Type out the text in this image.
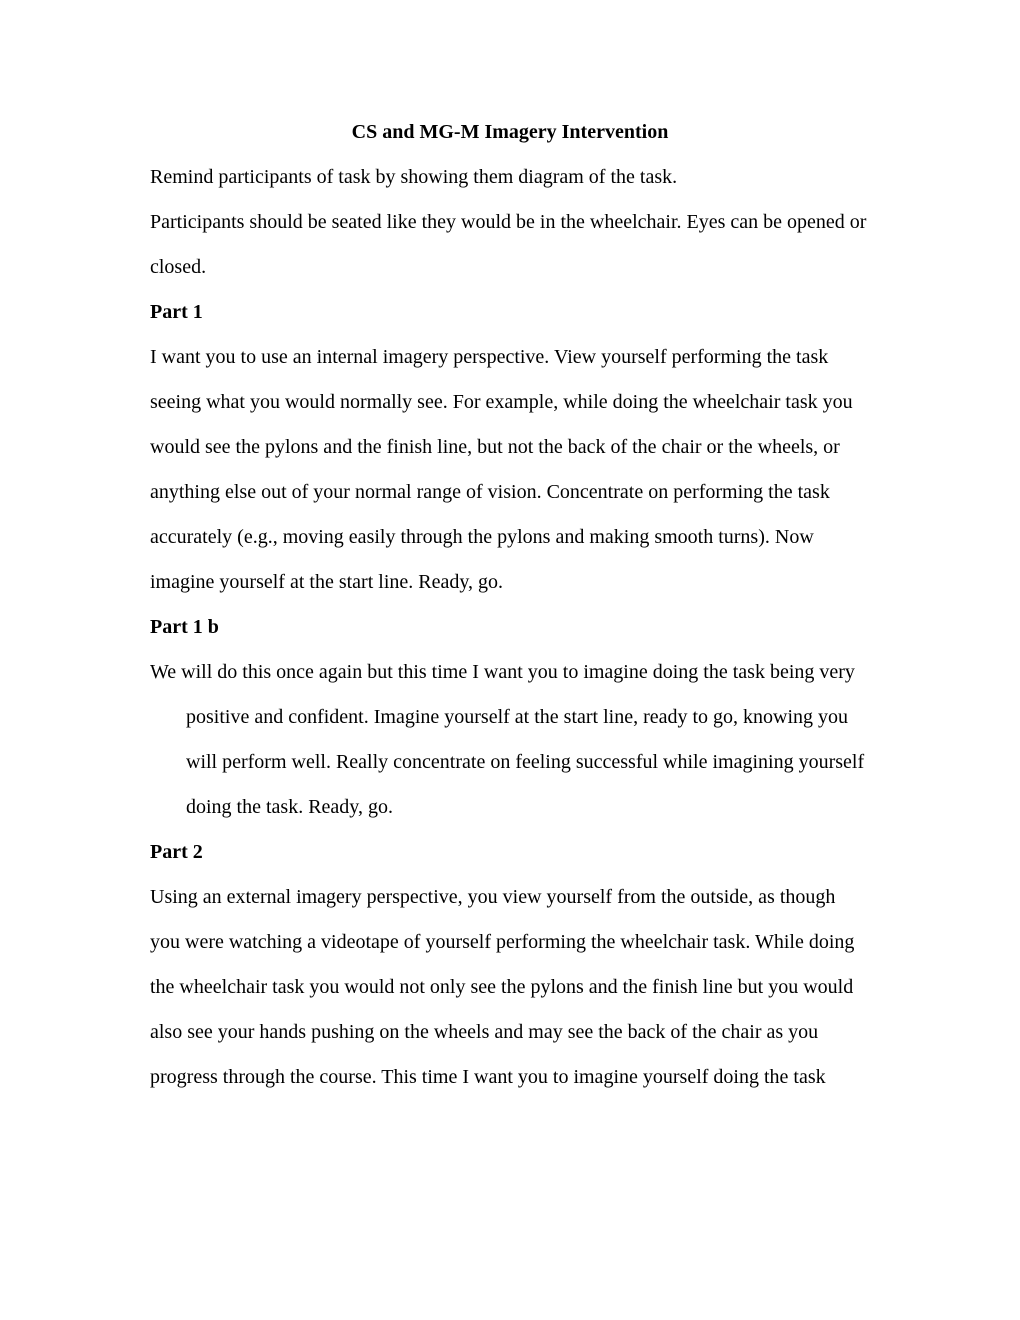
CS and MG-M Imagery Intervention

Remind participants of task by showing them diagram of the task.

Participants should be seated like they would be in the wheelchair. Eyes can be opened or closed.

Part 1

I want you to use an internal imagery perspective. View yourself performing the task seeing what you would normally see. For example, while doing the wheelchair task you would see the pylons and the finish line, but not the back of the chair or the wheels, or anything else out of your normal range of vision. Concentrate on performing the task accurately (e.g., moving easily through the pylons and making smooth turns). Now imagine yourself at the start line. Ready, go.

Part 1 b

We will do this once again but this time I want you to imagine doing the task being very positive and confident. Imagine yourself at the start line, ready to go, knowing you will perform well. Really concentrate on feeling successful while imagining yourself doing the task. Ready, go.

Part 2

Using an external imagery perspective, you view yourself from the outside, as though you were watching a videotape of yourself performing the wheelchair task. While doing the wheelchair task you would not only see the pylons and the finish line but you would also see your hands pushing on the wheels and may see the back of the chair as you progress through the course. This time I want you to imagine yourself doing the task
